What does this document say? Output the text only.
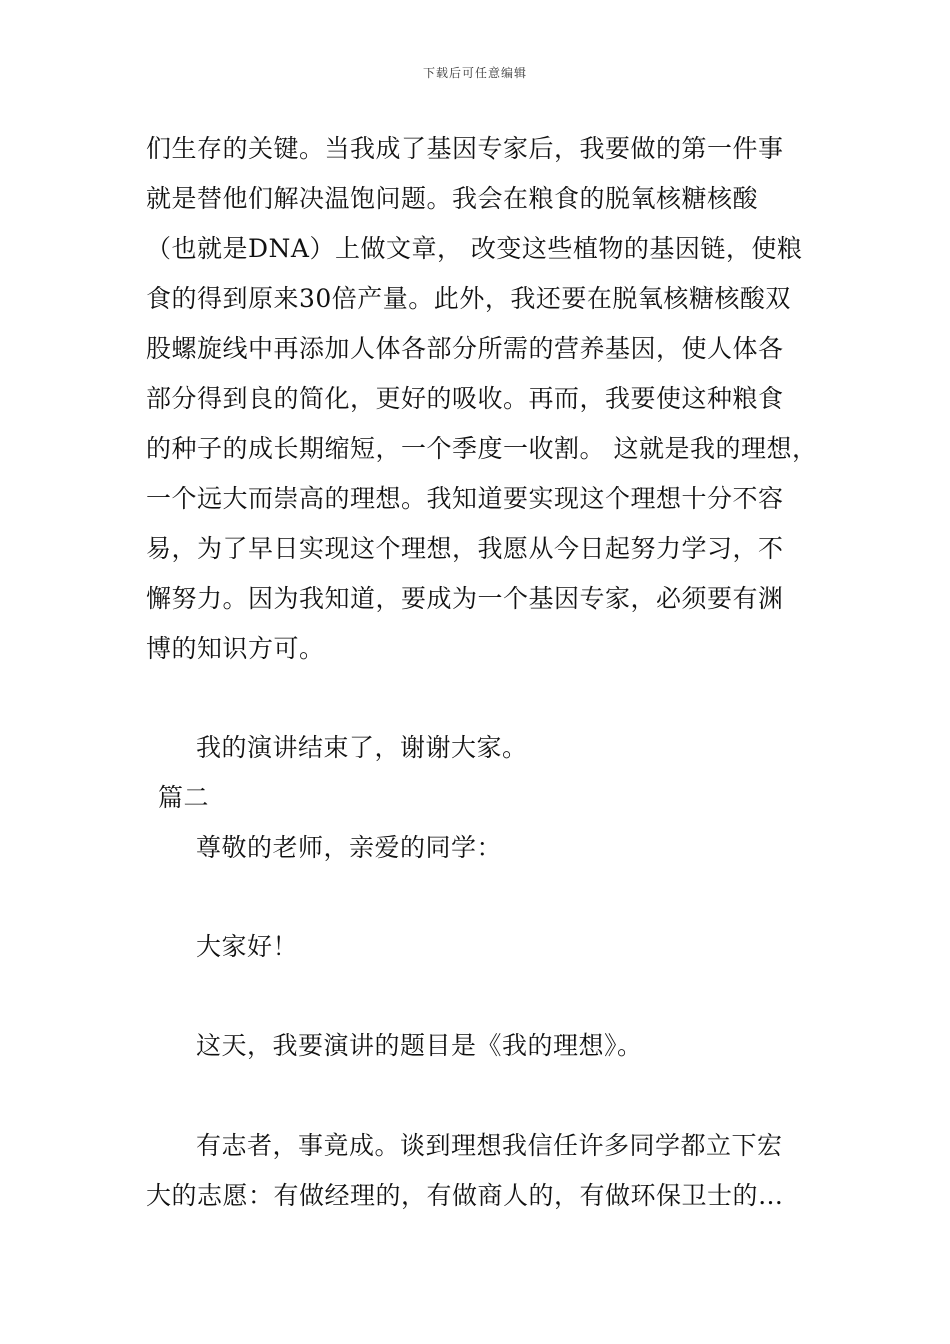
下载后可任意编辑
们生存的关键。当我成了基因专家后，我要做的第一件事
就是替他们解决温饱问题。我会在粮食的脱氧核糖核酸
（也就是DNA）上做文章， 改变这些植物的基因链，使粮
食的得到原来30倍产量。此外，我还要在脱氧核糖核酸双
股螺旋线中再添加人体各部分所需的营养基因，使人体各
部分得到良的简化，更好的吸收。再而，我要使这种粮食
的种子的成长期缩短，一个季度一收割。 这就是我的理想，
一个远大而崇高的理想。我知道要实现这个理想十分不容
易，为了早日实现这个理想，我愿从今日起努力学习，不
懈努力。因为我知道，要成为一个基因专家，必须要有渊
博的知识方可。
我的演讲结束了，谢谢大家。
篇二
尊敬的老师，亲爱的同学：
大家好！
这天，我要演讲的题目是《我的理想》。
有志者，事竟成。谈到理想我信任许多同学都立下宏
大的志愿：有做经理的，有做商人的，有做环保卫士的…
